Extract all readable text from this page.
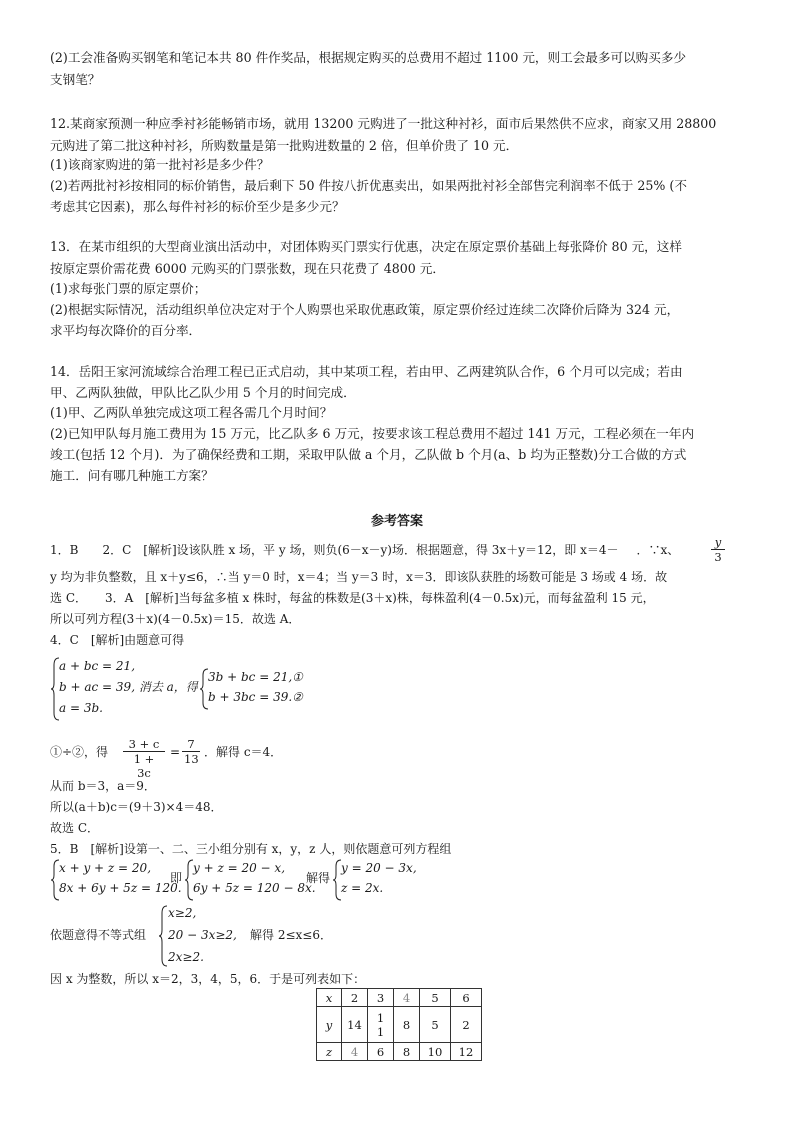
(2)工会准备购买钢笔和笔记本共 80 件作奖品，根据规定购买的总费用不超过 1100 元，则工会最多可以购买多少
支钢笔？
12.某商家预测一种应季衬衫能畅销市场，就用 13200 元购进了一批这种衬衫，面市后果然供不应求，商家又用 28800
元购进了第二批这种衬衫，所购数量是第一批购进数量的 2 倍，但单价贵了 10 元．
(1)该商家购进的第一批衬衫是多少件？
(2)若两批衬衫按相同的标价销售，最后剩下 50 件按八折优惠卖出，如果两批衬衫全部售完利润率不低于 25% (不
考虑其它因素)，那么每件衬衫的标价至少是多少元？
13．在某市组织的大型商业演出活动中，对团体购买门票实行优惠，决定在原定票价基础上每张降价 80 元，这样
按原定票价需花费 6000 元购买的门票张数，现在只花费了 4800 元．
(1)求每张门票的原定票价；
(2)根据实际情况，活动组织单位决定对于个人购票也采取优惠政策，原定票价经过连续二次降价后降为 324 元，
求平均每次降价的百分率．
14．岳阳王家河流域综合治理工程已正式启动，其中某项工程，若由甲、乙两建筑队合作，6 个月可以完成；若由
甲、乙两队独做，甲队比乙队少用 5 个月的时间完成．
(1)甲、乙两队单独完成这项工程各需几个月时间？
(2)已知甲队每月施工费用为 15 万元，比乙队多 6 万元，按要求该工程总费用不超过 141 万元，工程必须在一年内
竣工(包括 12 个月)．为了确保经费和工期，采取甲队做 a 个月，乙队做 b 个月(a、b 均为正整数)分工合做的方式
施工．问有哪几种施工方案？
参考答案
1．B　　2．C　[解析]设该队胜 x 场，平 y 场，则负(6－x－y)场．根据题意，得 3x＋y＝12，即 x＝4－ ．∵x、	$\frac{y}{3}$
y 均为非负整数，且 x＋y≤6，∴当 y＝0 时，x＝4；当 y＝3 时，x＝3．即该队获胜的场数可能是 3 场或 4 场．故
选 C．　　3．A　[解析]当每盆多植 x 株时，每盆的株数是(3＋x)株，每株盈利(4－0.5x)元，而每盆盈利 15 元，
所以可列方程(3＋x)(4－0.5x)＝15．故选 A．
4．C　[解析]由题意可得
a + bc = 21,
b + ac = 39, 消去 a，得
a = 3b.
3b + bc = 21,①
b + 3bc = 39.②
①÷②，得 $\frac{3 + c}{1 + 3c} = \frac{7}{13}$ ．解得 c＝4．
从而 b＝3，a＝9．
所以(a＋b)c＝(9＋3)×4＝48．
故选 C．
5．B　[解析]设第一、二、三小组分别有 x，y，z 人，则依题意可列方程组
x + y + z = 20,
8x + 6y + 5z = 120.
即
y + z = 20 − x,
6y + 5z = 120 − 8x.
解得
y = 20 − 3x,
z = 2x.
依题意得不等式组
x≥2,
20 − 3x≥2,
2x≥2.
解得 2≤x≤6．
因 x 为整数，所以 x＝2，3，4，5，6．于是可列表如下：
x	2	3	4	5	6
y	14	1
1	8	5	2
z	4	6	8	10	12
